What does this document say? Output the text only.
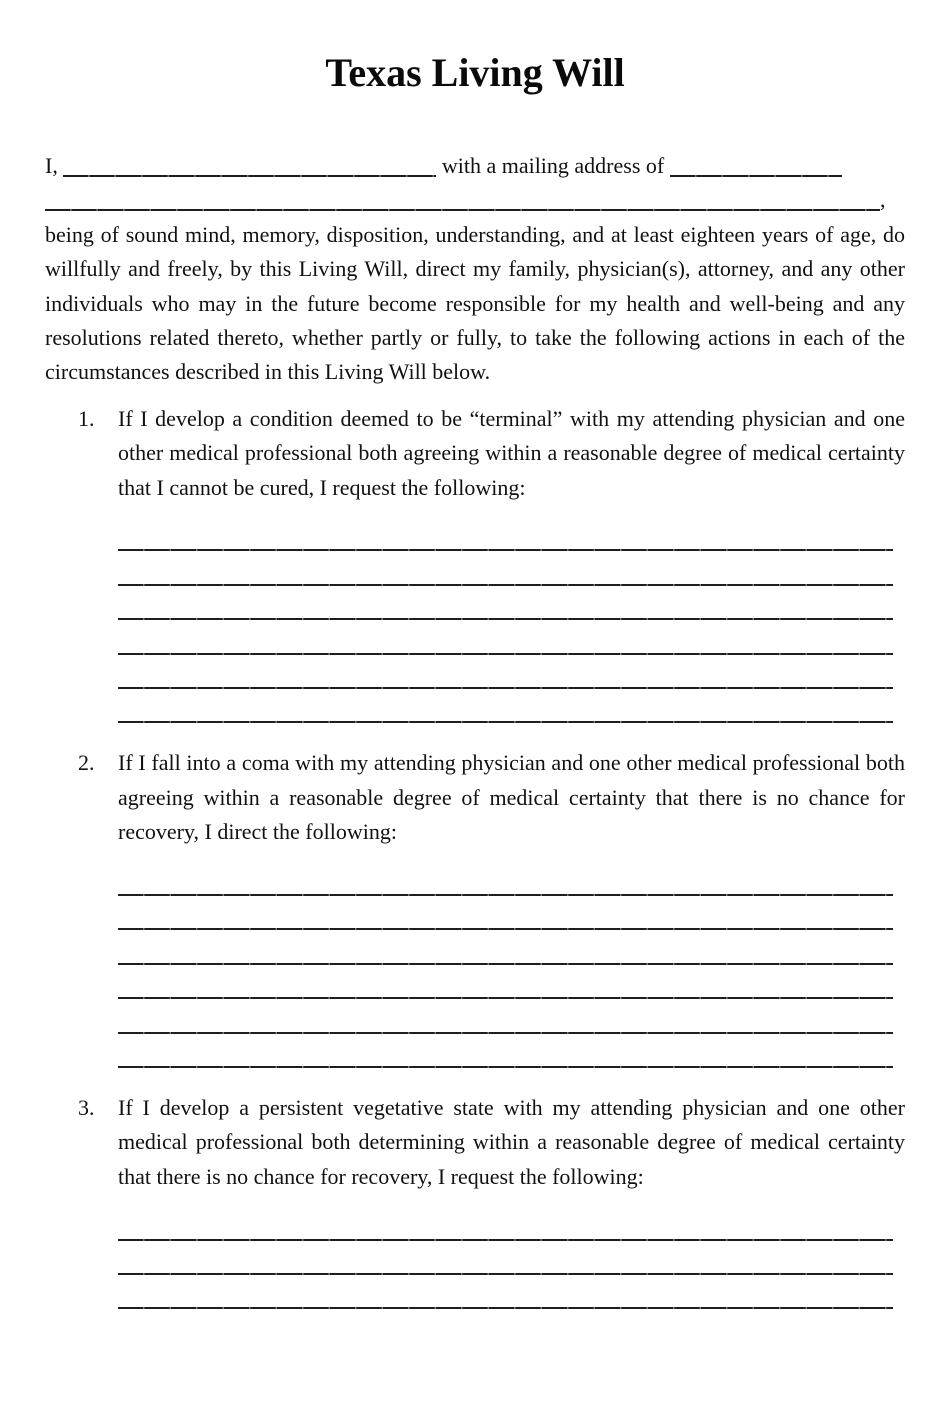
Texas Living Will
I,	with a mailing address of
,

being of sound mind, memory, disposition, understanding, and at least eighteen years of age, do willfully and freely, by this Living Will, direct my family, physician(s), attorney, and any other individuals who may in the future become responsible for my health and well-being and any resolutions related thereto, whether partly or fully, to take the following actions in each of the circumstances described in this Living Will below.

1.	If I develop a condition deemed to be “terminal” with my attending physician and one other medical professional both agreeing within a reasonable degree of medical certainty that I cannot be cured, I request the following:

2.	If I fall into a coma with my attending physician and one other medical professional both agreeing within a reasonable degree of medical certainty that there is no chance for recovery, I direct the following:

3.	If I develop a persistent vegetative state with my attending physician and one other medical professional both determining within a reasonable degree of medical certainty that there is no chance for recovery, I request the following:
